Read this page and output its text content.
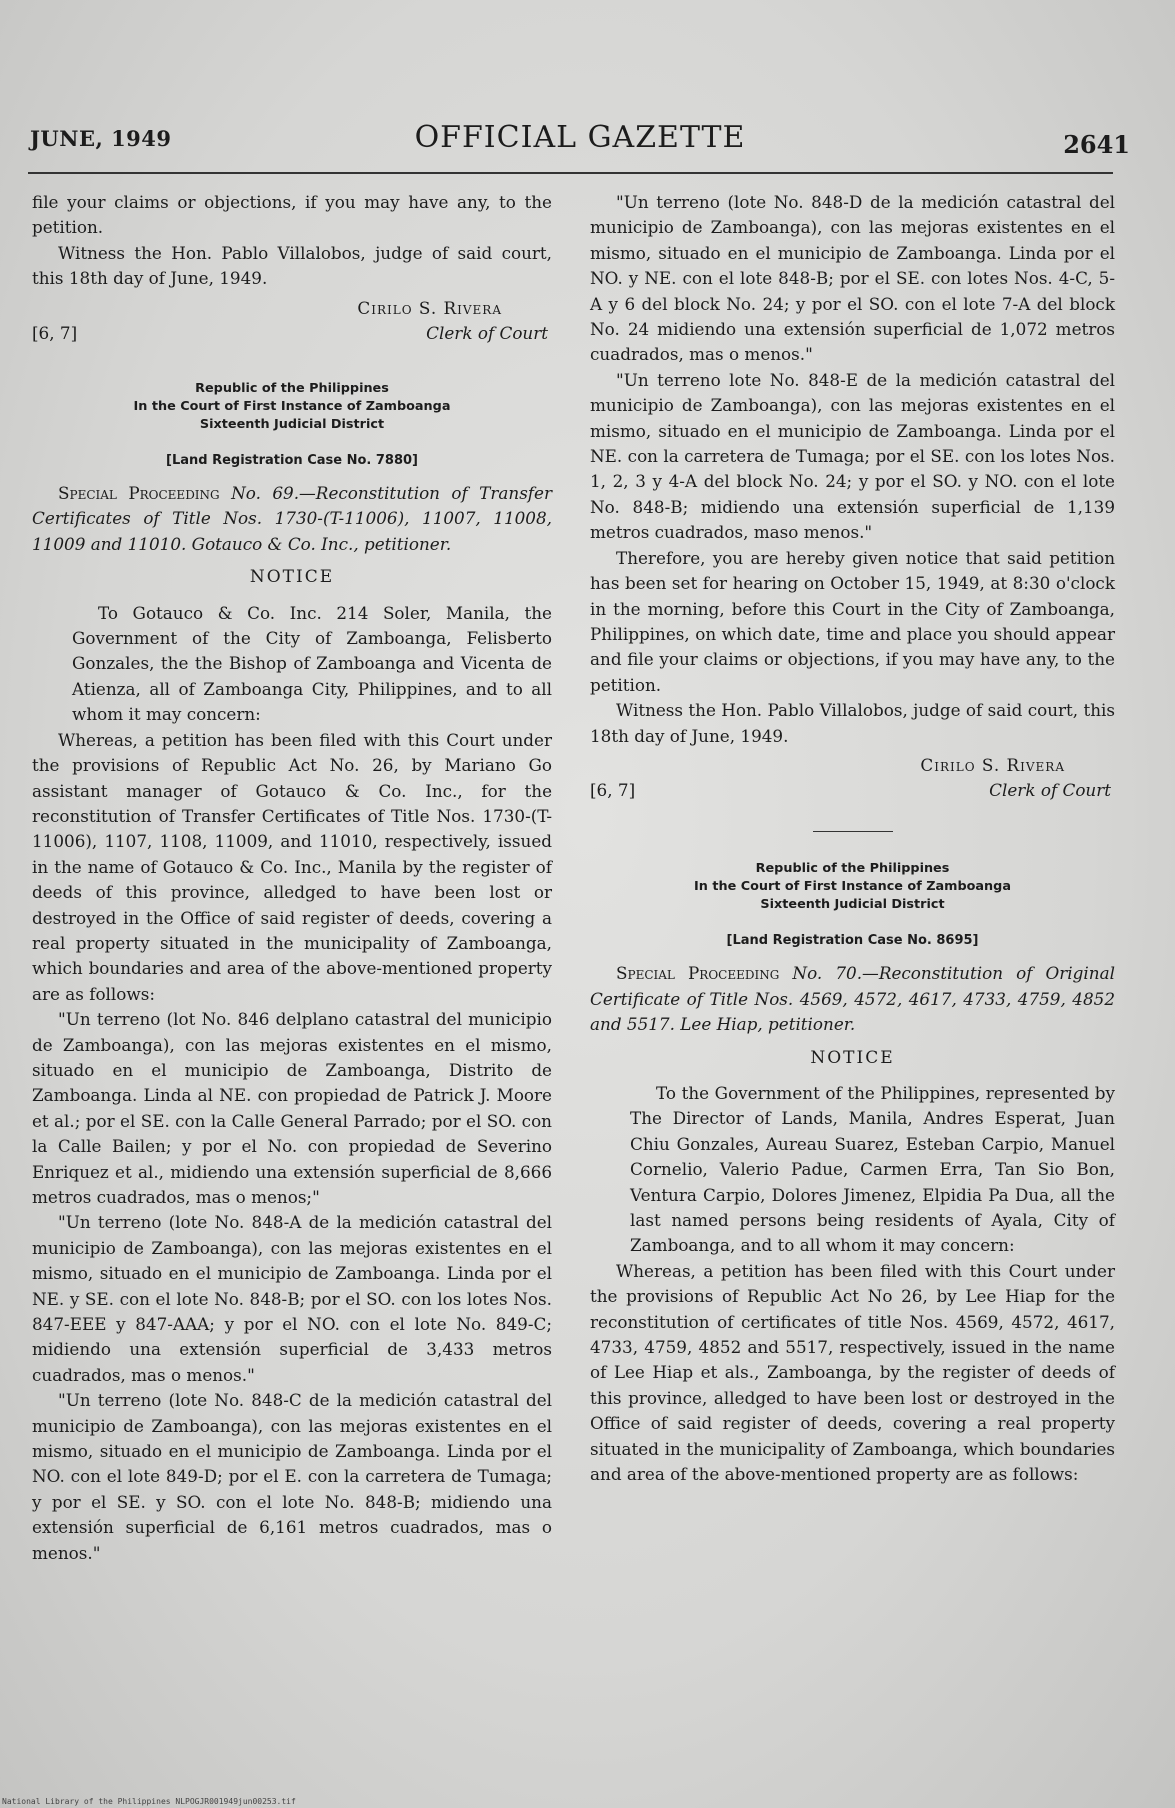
JUNE, 1949	OFFICIAL GAZETTE	2641

file your claims or objections, if you may have any, to the petition.

Witness the Hon. Pablo Villalobos, judge of said court, this 18th day of June, 1949.

Cirilo S. Rivera
Clerk of Court
[6, 7]
Republic of the Philippines
In the Court of First Instance of Zamboanga
Sixteenth Judicial District
[Land Registration Case No. 7880]

Special Proceeding No. 69.—Reconstitution of Transfer Certificates of Title Nos. 1730-(T-11006), 11007, 11008, 11009 and 11010. Gotauco & Co. Inc., petitioner.

NOTICE

To Gotauco & Co. Inc. 214 Soler, Manila, the Government of the City of Zamboanga, Felisberto Gonzales, the the Bishop of Zamboanga and Vicenta de Atienza, all of Zamboanga City, Philippines, and to all whom it may concern:

Whereas, a petition has been filed with this Court under the provisions of Republic Act No. 26, by Mariano Go assistant manager of Gotauco & Co. Inc., for the reconstitution of Transfer Certificates of Title Nos. 1730-(T-11006), 1107, 1108, 11009, and 11010, respectively, issued in the name of Gotauco & Co. Inc., Manila by the register of deeds of this province, alledged to have been lost or destroyed in the Office of said register of deeds, covering a real property situated in the municipality of Zamboanga, which boundaries and area of the above-mentioned property are as follows:

"Un terreno (lot No. 846 delplano catastral del municipio de Zamboanga), con las mejoras existentes en el mismo, situado en el municipio de Zamboanga, Distrito de Zamboanga. Linda al NE. con propiedad de Patrick J. Moore et al.; por el SE. con la Calle General Parrado; por el SO. con la Calle Bailen; y por el No. con propiedad de Severino Enriquez et al., midiendo una extensión superficial de 8,666 metros cuadrados, mas o menos;"

"Un terreno (lote No. 848-A de la medición catastral del municipio de Zamboanga), con las mejoras existentes en el mismo, situado en el municipio de Zamboanga. Linda por el NE. y SE. con el lote No. 848-B; por el SO. con los lotes Nos. 847-EEE y 847-AAA; y por el NO. con el lote No. 849-C; midiendo una extensión superficial de 3,433 metros cuadrados, mas o menos."

"Un terreno (lote No. 848-C de la medición catastral del municipio de Zamboanga), con las mejoras existentes en el mismo, situado en el municipio de Zamboanga. Linda por el NO. con el lote 849-D; por el E. con la carretera de Tumaga; y por el SE. y SO. con el lote No. 848-B; midiendo una extensión superficial de 6,161 metros cuadrados, mas o menos."

"Un terreno (lote No. 848-D de la medición catastral del municipio de Zamboanga), con las mejoras existentes en el mismo, situado en el municipio de Zamboanga. Linda por el NO. y NE. con el lote 848-B; por el SE. con lotes Nos. 4-C, 5-A y 6 del block No. 24; y por el SO. con el lote 7-A del block No. 24 midiendo una extensión superficial de 1,072 metros cuadrados, mas o menos."

"Un terreno lote No. 848-E de la medición catastral del municipio de Zamboanga), con las mejoras existentes en el mismo, situado en el municipio de Zamboanga. Linda por el NE. con la carretera de Tumaga; por el SE. con los lotes Nos. 1, 2, 3 y 4-A del block No. 24; y por el SO. y NO. con el lote No. 848-B; midiendo una extensión superficial de 1,139 metros cuadrados, maso menos."

Therefore, you are hereby given notice that said petition has been set for hearing on October 15, 1949, at 8:30 o'clock in the morning, before this Court in the City of Zamboanga, Philippines, on which date, time and place you should appear and file your claims or objections, if you may have any, to the petition.

Witness the Hon. Pablo Villalobos, judge of said court, this 18th day of June, 1949.

Cirilo S. Rivera
Clerk of Court
[6, 7]
Republic of the Philippines
In the Court of First Instance of Zamboanga
Sixteenth Judicial District
[Land Registration Case No. 8695]

Special Proceeding No. 70.—Reconstitution of Original Certificate of Title Nos. 4569, 4572, 4617, 4733, 4759, 4852 and 5517. Lee Hiap, petitioner.

NOTICE

To the Government of the Philippines, represented by The Director of Lands, Manila, Andres Esperat, Juan Chiu Gonzales, Aureau Suarez, Esteban Carpio, Manuel Cornelio, Valerio Padue, Carmen Erra, Tan Sio Bon, Ventura Carpio, Dolores Jimenez, Elpidia Pa Dua, all the last named persons being residents of Ayala, City of Zamboanga, and to all whom it may concern:

Whereas, a petition has been filed with this Court under the provisions of Republic Act No 26, by Lee Hiap for the reconstitution of certificates of title Nos. 4569, 4572, 4617, 4733, 4759, 4852 and 5517, respectively, issued in the name of Lee Hiap et als., Zamboanga, by the register of deeds of this province, alledged to have been lost or destroyed in the Office of said register of deeds, covering a real property situated in the municipality of Zamboanga, which boundaries and area of the above-mentioned property are as follows:

National Library of the Philippines NLPOGJR001949jun00253.tif
